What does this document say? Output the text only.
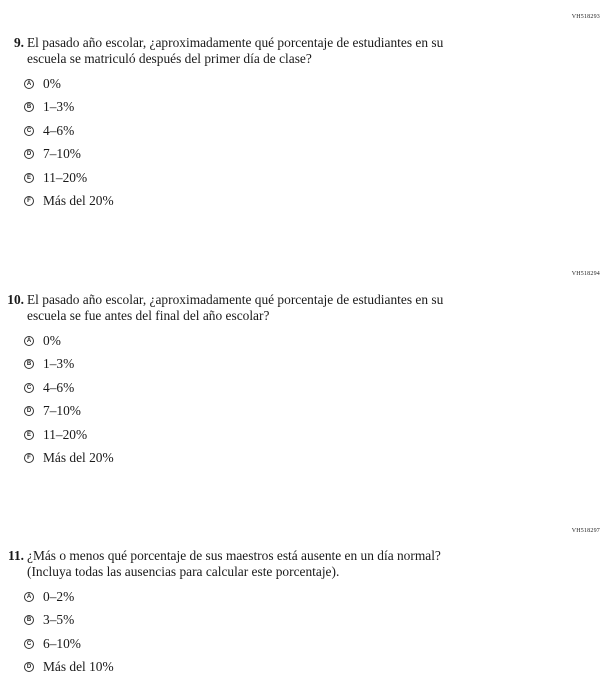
VH518293
9. El pasado año escolar, ¿aproximadamente qué porcentaje de estudiantes en su
escuela se matriculó después del primer día de clase?
A 0%
B 1–3%
C 4–6%
D 7–10%
E 11–20%
F Más del 20%
VH518294
10. El pasado año escolar, ¿aproximadamente qué porcentaje de estudiantes en su
escuela se fue antes del final del año escolar?
A 0%
B 1–3%
C 4–6%
D 7–10%
E 11–20%
F Más del 20%
VH518297
11. ¿Más o menos qué porcentaje de sus maestros está ausente en un día normal?
(Incluya todas las ausencias para calcular este porcentaje).
A 0–2%
B 3–5%
C 6–10%
D Más del 10%
